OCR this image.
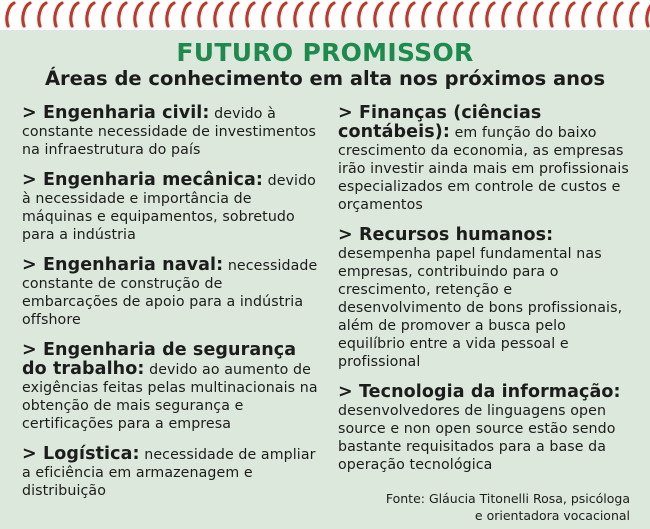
FUTURO PROMISSOR
Áreas de conhecimento em alta nos próximos anos

> Engenharia civil: devido à constante necessidade de investimentos na infraestrutura do país

> Engenharia mecânica: devido à necessidade e importância de máquinas e equipamentos, sobretudo para a indústria

> Engenharia naval: necessidade constante de construção de embarcações de apoio para a indústria offshore

> Engenharia de segurança do trabalho: devido ao aumento de exigências feitas pelas multinacionais na obtenção de mais segurança e certificações para a empresa

> Logística: necessidade de ampliar a eficiência em armazenagem e distribuição

> Finanças (ciências contábeis): em função do baixo crescimento da economia, as empresas irão investir ainda mais em profissionais especializados em controle de custos e orçamentos

> Recursos humanos: desempenha papel fundamental nas empresas, contribuindo para o crescimento, retenção e desenvolvimento de bons profissionais, além de promover a busca pelo equilíbrio entre a vida pessoal e profissional

> Tecnologia da informação: desenvolvedores de linguagens open source e non open source estão sendo bastante requisitados para a base da operação tecnológica

Fonte: Gláucia Titonelli Rosa, psicóloga
e orientadora vocacional
